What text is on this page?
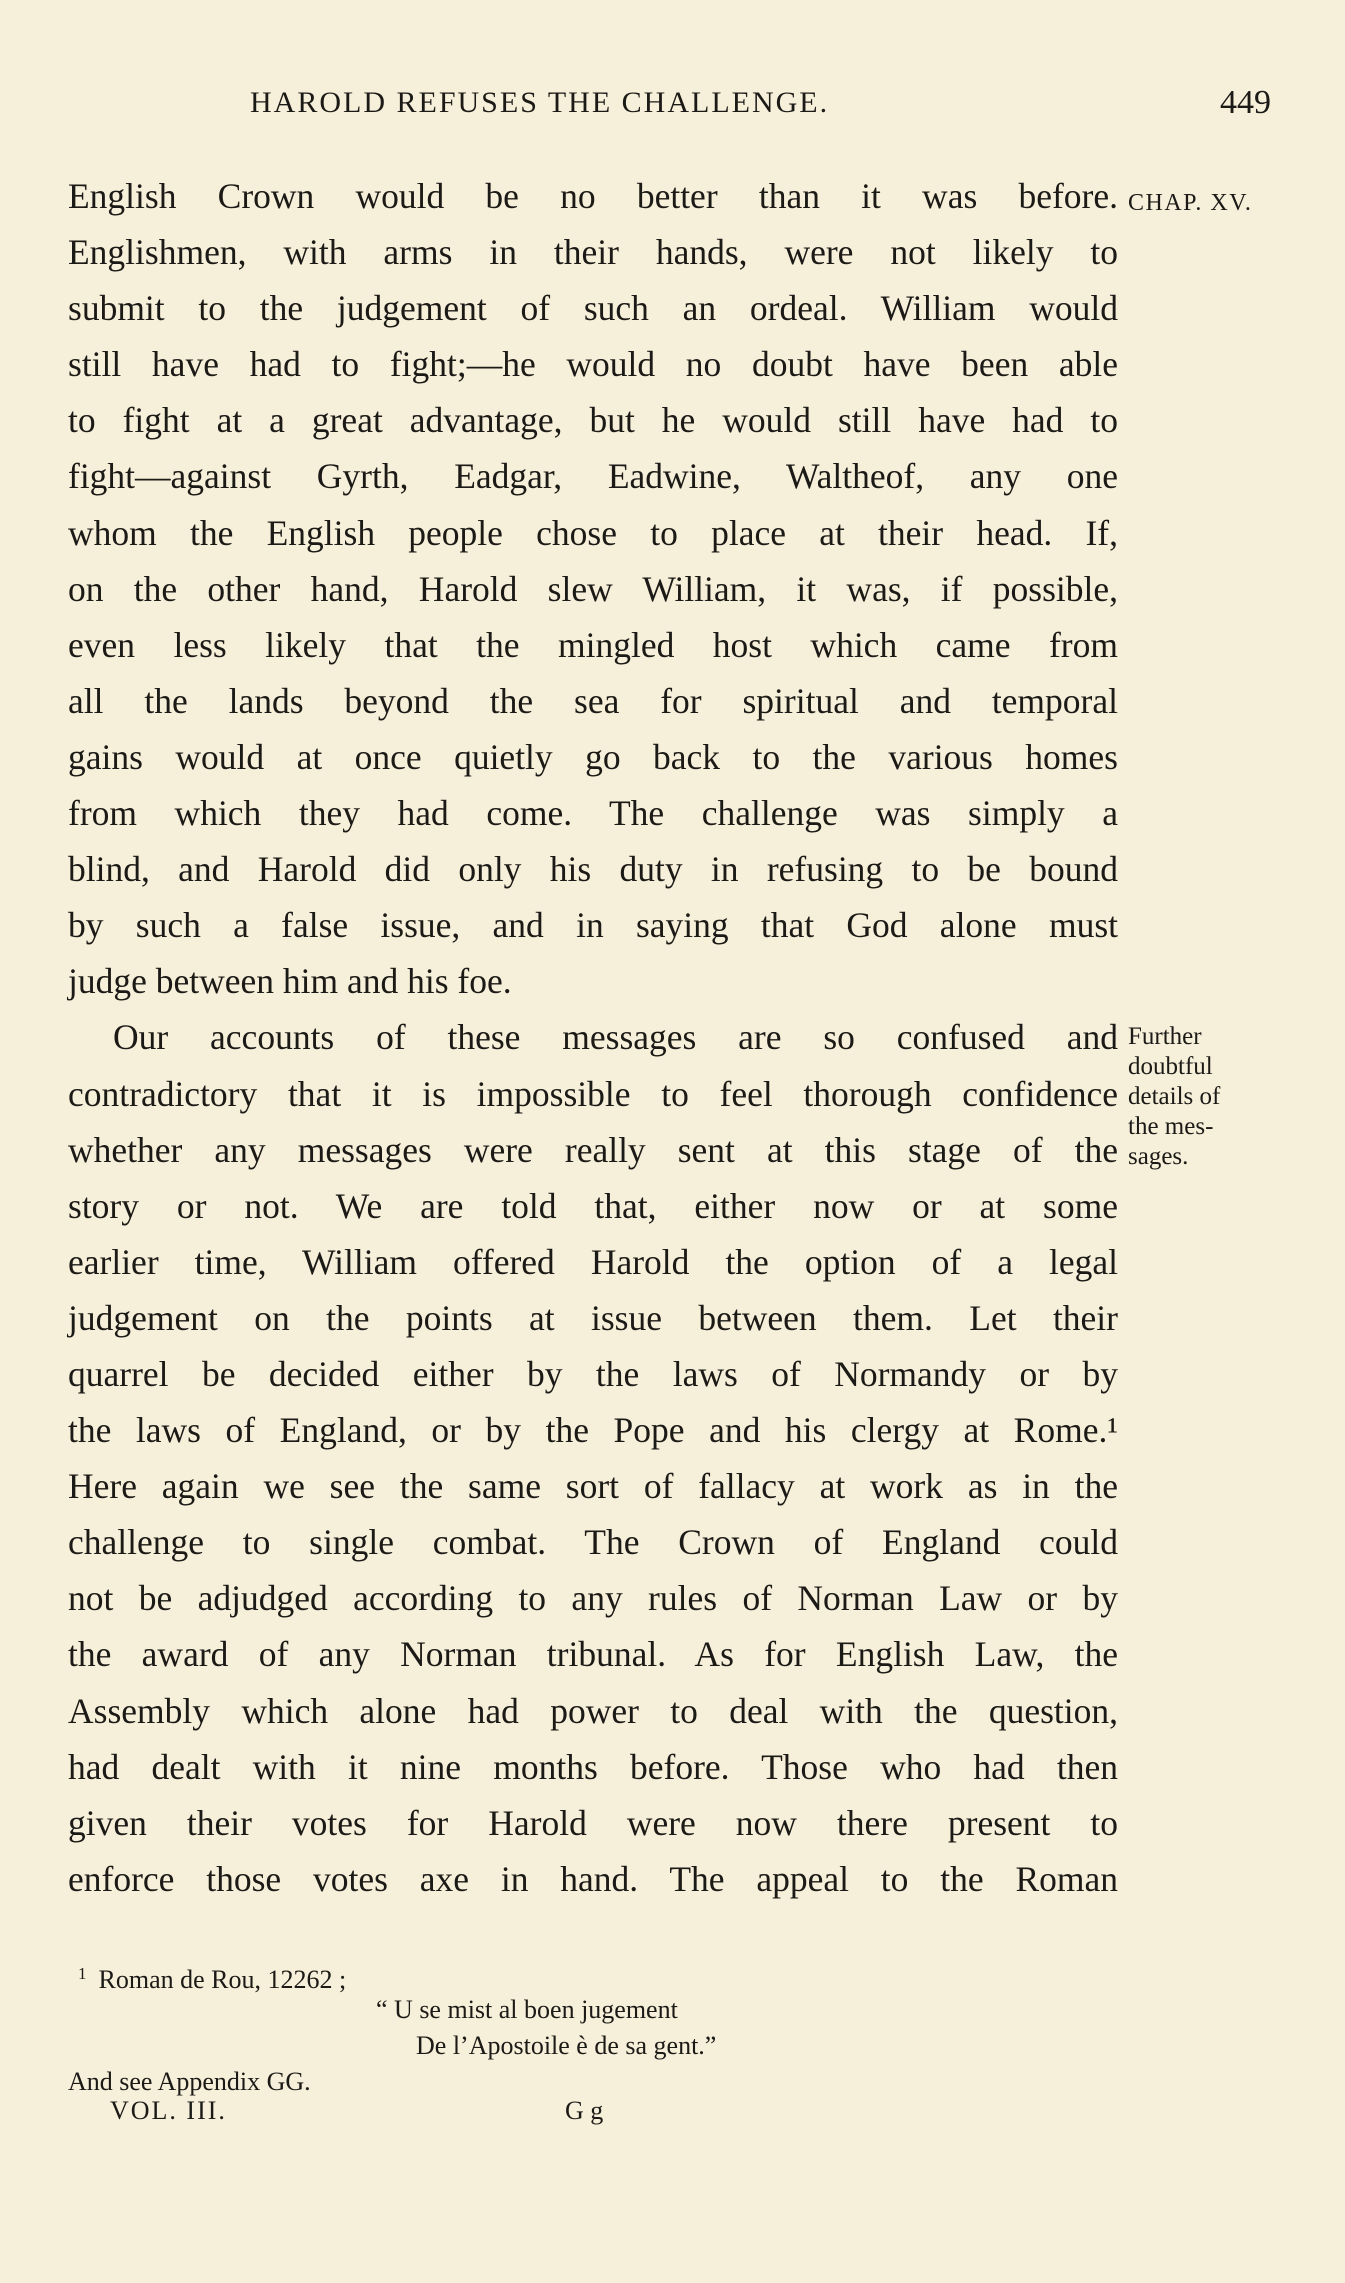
HAROLD REFUSES THE CHALLENGE.	449
CHAP. XV.
Further
doubtful
details of
the mes-
sages.
English Crown would be no better than it was before.
Englishmen, with arms in their hands, were not likely to
submit to the judgement of such an ordeal. William would
still have had to fight;—he would no doubt have been able
to fight at a great advantage, but he would still have had to
fight—against Gyrth, Eadgar, Eadwine, Waltheof, any one
whom the English people chose to place at their head. If,
on the other hand, Harold slew William, it was, if possible,
even less likely that the mingled host which came from
all the lands beyond the sea for spiritual and temporal
gains would at once quietly go back to the various homes
from which they had come. The challenge was simply a
blind, and Harold did only his duty in refusing to be bound
by such a false issue, and in saying that God alone must
judge between him and his foe.
Our accounts of these messages are so confused and
contradictory that it is impossible to feel thorough confidence
whether any messages were really sent at this stage of the
story or not. We are told that, either now or at some
earlier time, William offered Harold the option of a legal
judgement on the points at issue between them. Let their
quarrel be decided either by the laws of Normandy or by
the laws of England, or by the Pope and his clergy at Rome.¹
Here again we see the same sort of fallacy at work as in the
challenge to single combat. The Crown of England could
not be adjudged according to any rules of Norman Law or by
the award of any Norman tribunal. As for English Law, the
Assembly which alone had power to deal with the question,
had dealt with it nine months before. Those who had then
given their votes for Harold were now there present to
enforce those votes axe in hand. The appeal to the Roman
$^1$ Roman de Rou, 12262 ;
“ U se mist al boen jugement
De l’Apostoile è de sa gent.”
And see Appendix GG.
VOL. III.	G g
